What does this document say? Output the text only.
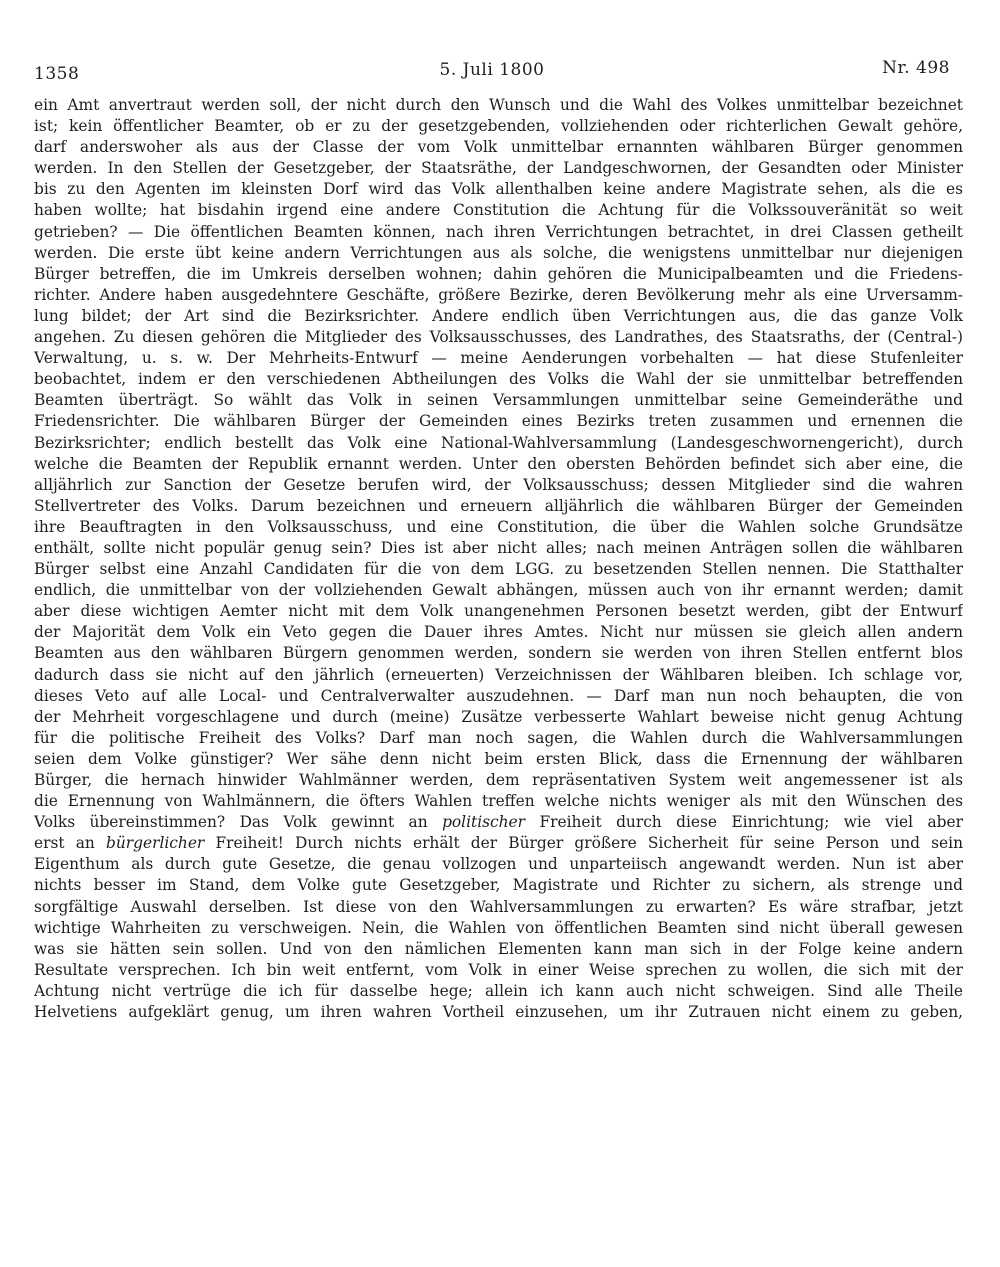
1358	5. Juli 1800	Nr. 498
ein Amt anvertraut werden soll, der nicht durch den Wunsch und die Wahl des Volkes unmittelbar bezeichnet
ist; kein öffentlicher Beamter, ob er zu der gesetzgebenden, vollziehenden oder richterlichen Gewalt gehöre,
darf anderswoher als aus der Classe der vom Volk unmittelbar ernannten wählbaren Bürger genommen
werden. In den Stellen der Gesetzgeber, der Staatsräthe, der Landgeschwornen, der Gesandten oder Minister
bis zu den Agenten im kleinsten Dorf wird das Volk allenthalben keine andere Magistrate sehen, als die es
haben wollte; hat bisdahin irgend eine andere Constitution die Achtung für die Volkssouveränität so weit
getrieben? — Die öffentlichen Beamten können, nach ihren Verrichtungen betrachtet, in drei Classen getheilt
werden. Die erste übt keine andern Verrichtungen aus als solche, die wenigstens unmittelbar nur diejenigen
Bürger betreffen, die im Umkreis derselben wohnen; dahin gehören die Municipalbeamten und die Friedens-
richter. Andere haben ausgedehntere Geschäfte, größere Bezirke, deren Bevölkerung mehr als eine Urversamm-
lung bildet; der Art sind die Bezirksrichter. Andere endlich üben Verrichtungen aus, die das ganze Volk
angehen. Zu diesen gehören die Mitglieder des Volksausschusses, des Landrathes, des Staatsraths, der (Central-)
Verwaltung, u. s. w. Der Mehrheits-Entwurf — meine Aenderungen vorbehalten — hat diese Stufenleiter
beobachtet, indem er den verschiedenen Abtheilungen des Volks die Wahl der sie unmittelbar betreffenden
Beamten überträgt. So wählt das Volk in seinen Versammlungen unmittelbar seine Gemeinderäthe und
Friedensrichter. Die wählbaren Bürger der Gemeinden eines Bezirks treten zusammen und ernennen die
Bezirksrichter; endlich bestellt das Volk eine National-Wahlversammlung (Landesgeschwornengericht), durch
welche die Beamten der Republik ernannt werden. Unter den obersten Behörden befindet sich aber eine, die
alljährlich zur Sanction der Gesetze berufen wird, der Volksausschuss; dessen Mitglieder sind die wahren
Stellvertreter des Volks. Darum bezeichnen und erneuern alljährlich die wählbaren Bürger der Gemeinden
ihre Beauftragten in den Volksausschuss, und eine Constitution, die über die Wahlen solche Grundsätze
enthält, sollte nicht populär genug sein? Dies ist aber nicht alles; nach meinen Anträgen sollen die wählbaren
Bürger selbst eine Anzahl Candidaten für die von dem LGG. zu besetzenden Stellen nennen. Die Statthalter
endlich, die unmittelbar von der vollziehenden Gewalt abhängen, müssen auch von ihr ernannt werden; damit
aber diese wichtigen Aemter nicht mit dem Volk unangenehmen Personen besetzt werden, gibt der Entwurf
der Majorität dem Volk ein Veto gegen die Dauer ihres Amtes. Nicht nur müssen sie gleich allen andern
Beamten aus den wählbaren Bürgern genommen werden, sondern sie werden von ihren Stellen entfernt blos
dadurch dass sie nicht auf den jährlich (erneuerten) Verzeichnissen der Wählbaren bleiben. Ich schlage vor,
dieses Veto auf alle Local- und Centralverwalter auszudehnen. — Darf man nun noch behaupten, die von
der Mehrheit vorgeschlagene und durch (meine) Zusätze verbesserte Wahlart beweise nicht genug Achtung
für die politische Freiheit des Volks? Darf man noch sagen, die Wahlen durch die Wahlversammlungen
seien dem Volke günstiger? Wer sähe denn nicht beim ersten Blick, dass die Ernennung der wählbaren
Bürger, die hernach hinwider Wahlmänner werden, dem repräsentativen System weit angemessener ist als
die Ernennung von Wahlmännern, die öfters Wahlen treffen welche nichts weniger als mit den Wünschen des
Volks übereinstimmen? Das Volk gewinnt an politischer Freiheit durch diese Einrichtung; wie viel aber
erst an bürgerlicher Freiheit! Durch nichts erhält der Bürger größere Sicherheit für seine Person und sein
Eigenthum als durch gute Gesetze, die genau vollzogen und unparteiisch angewandt werden. Nun ist aber
nichts besser im Stand, dem Volke gute Gesetzgeber, Magistrate und Richter zu sichern, als strenge und
sorgfältige Auswahl derselben. Ist diese von den Wahlversammlungen zu erwarten? Es wäre strafbar, jetzt
wichtige Wahrheiten zu verschweigen. Nein, die Wahlen von öffentlichen Beamten sind nicht überall gewesen
was sie hätten sein sollen. Und von den nämlichen Elementen kann man sich in der Folge keine andern
Resultate versprechen. Ich bin weit entfernt, vom Volk in einer Weise sprechen zu wollen, die sich mit der
Achtung nicht vertrüge die ich für dasselbe hege; allein ich kann auch nicht schweigen. Sind alle Theile
Helvetiens aufgeklärt genug, um ihren wahren Vortheil einzusehen, um ihr Zutrauen nicht einem zu geben,
